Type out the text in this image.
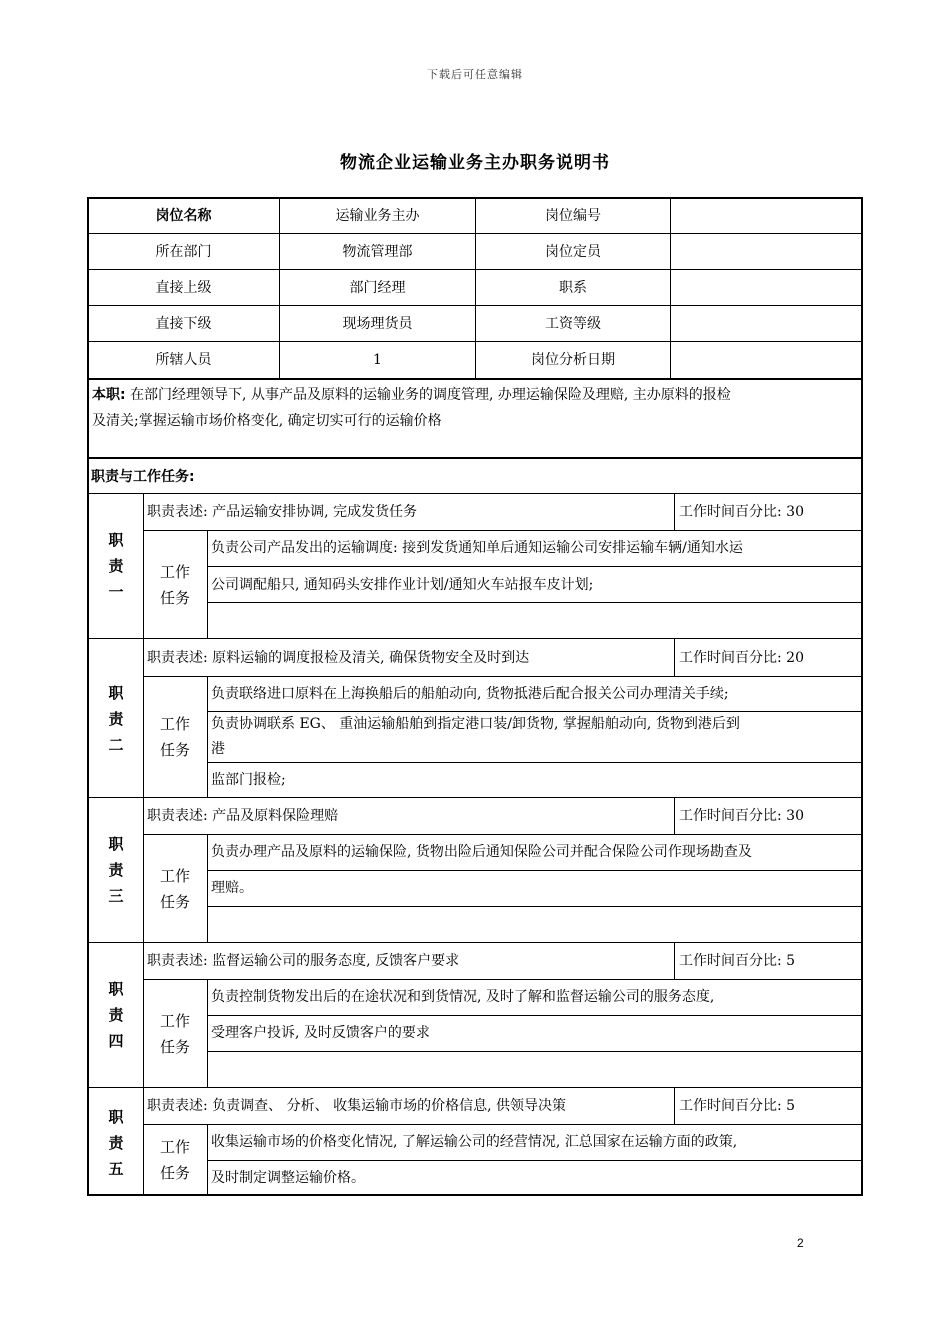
下载后可任意编辑
物流企业运输业务主办职务说明书
岗位名称	运输业务主办	岗位编号
所在部门	物流管理部	岗位定员
直接上级	部门经理	职系
直接下级	现场理货员	工资等级
所辖人员	1	岗位分析日期
本职: 在部门经理领导下, 从事产品及原料的运输业务的调度管理, 办理运输保险及理赔, 主办原料的报检
及清关;掌握运输市场价格变化, 确定切实可行的运输价格
职责与工作任务:
职
责
一
职责表述: 产品运输安排协调, 完成发货任务	工作时间百分比: 30
工作
任务
负责公司产品发出的运输调度: 接到发货通知单后通知运输公司安排运输车辆/通知水运
公司调配船只, 通知码头安排作业计划/通知火车站报车皮计划;
职
责
二
职责表述: 原料运输的调度报检及清关, 确保货物安全及时到达	工作时间百分比: 20
工作
任务
负责联络进口原料在上海换船后的船舶动向, 货物抵港后配合报关公司办理清关手续;
负责协调联系 EG、 重油运输船舶到指定港口装/卸货物, 掌握船舶动向, 货物到港后到
港
监部门报检;
职
责
三
职责表述: 产品及原料保险理赔	工作时间百分比: 30
工作
任务
负责办理产品及原料的运输保险, 货物出险后通知保险公司并配合保险公司作现场勘查及
理赔。
职
责
四
职责表述: 监督运输公司的服务态度, 反馈客户要求	工作时间百分比: 5
工作
任务
负责控制货物发出后的在途状况和到货情况, 及时了解和监督运输公司的服务态度,
受理客户投诉, 及时反馈客户的要求
职
责
五
职责表述: 负责调查、 分析、 收集运输市场的价格信息, 供领导决策	工作时间百分比: 5
工作
任务
收集运输市场的价格变化情况, 了解运输公司的经营情况, 汇总国家在运输方面的政策,
及时制定调整运输价格。
2
